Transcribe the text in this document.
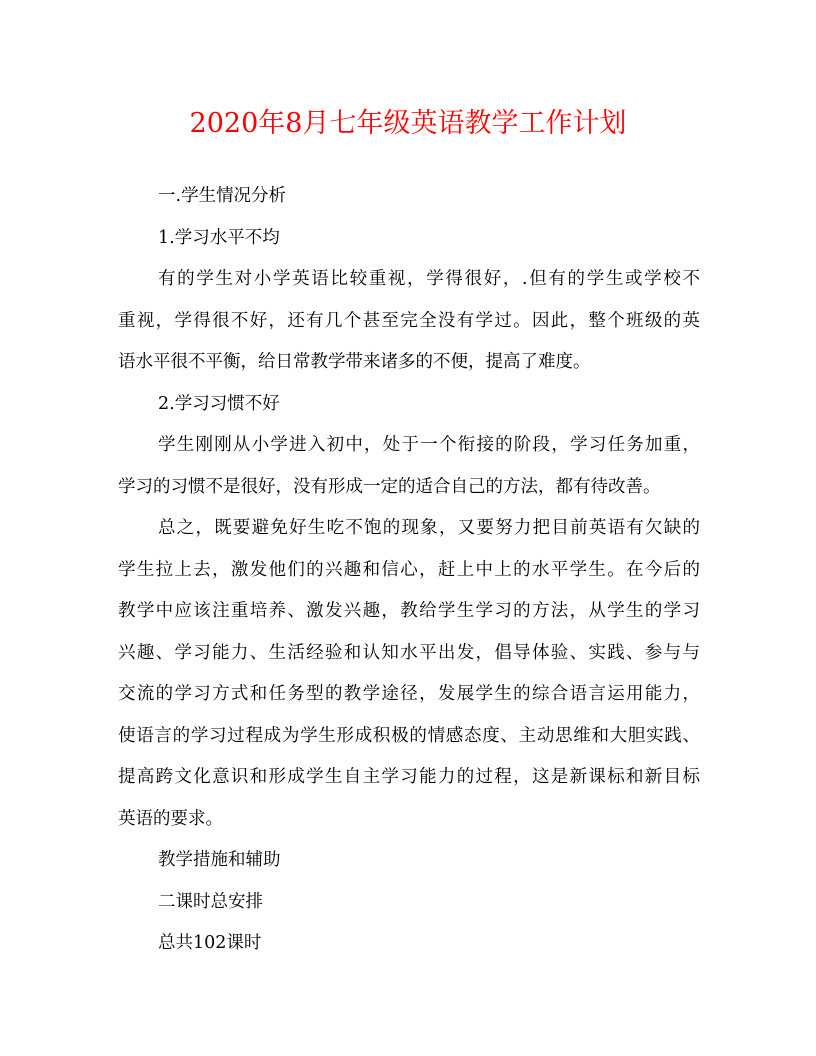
2020年8月七年级英语教学工作计划
一.学生情况分析
1.学习水平不均
有的学生对小学英语比较重视，学得很好，.但有的学生或学校不
重视，学得很不好，还有几个甚至完全没有学过。因此，整个班级的英
语水平很不平衡，给日常教学带来诸多的不便，提高了难度。
2.学习习惯不好
学生刚刚从小学进入初中，处于一个衔接的阶段，学习任务加重，
学习的习惯不是很好，没有形成一定的适合自己的方法，都有待改善。
总之，既要避免好生吃不饱的现象，又要努力把目前英语有欠缺的
学生拉上去，激发他们的兴趣和信心，赶上中上的水平学生。在今后的
教学中应该注重培养、激发兴趣，教给学生学习的方法，从学生的学习
兴趣、学习能力、生活经验和认知水平出发，倡导体验、实践、参与与
交流的学习方式和任务型的教学途径，发展学生的综合语言运用能力，
使语言的学习过程成为学生形成积极的情感态度、主动思维和大胆实践、
提高跨文化意识和形成学生自主学习能力的过程，这是新课标和新目标
英语的要求。
教学措施和辅助
二课时总安排
总共102课时
